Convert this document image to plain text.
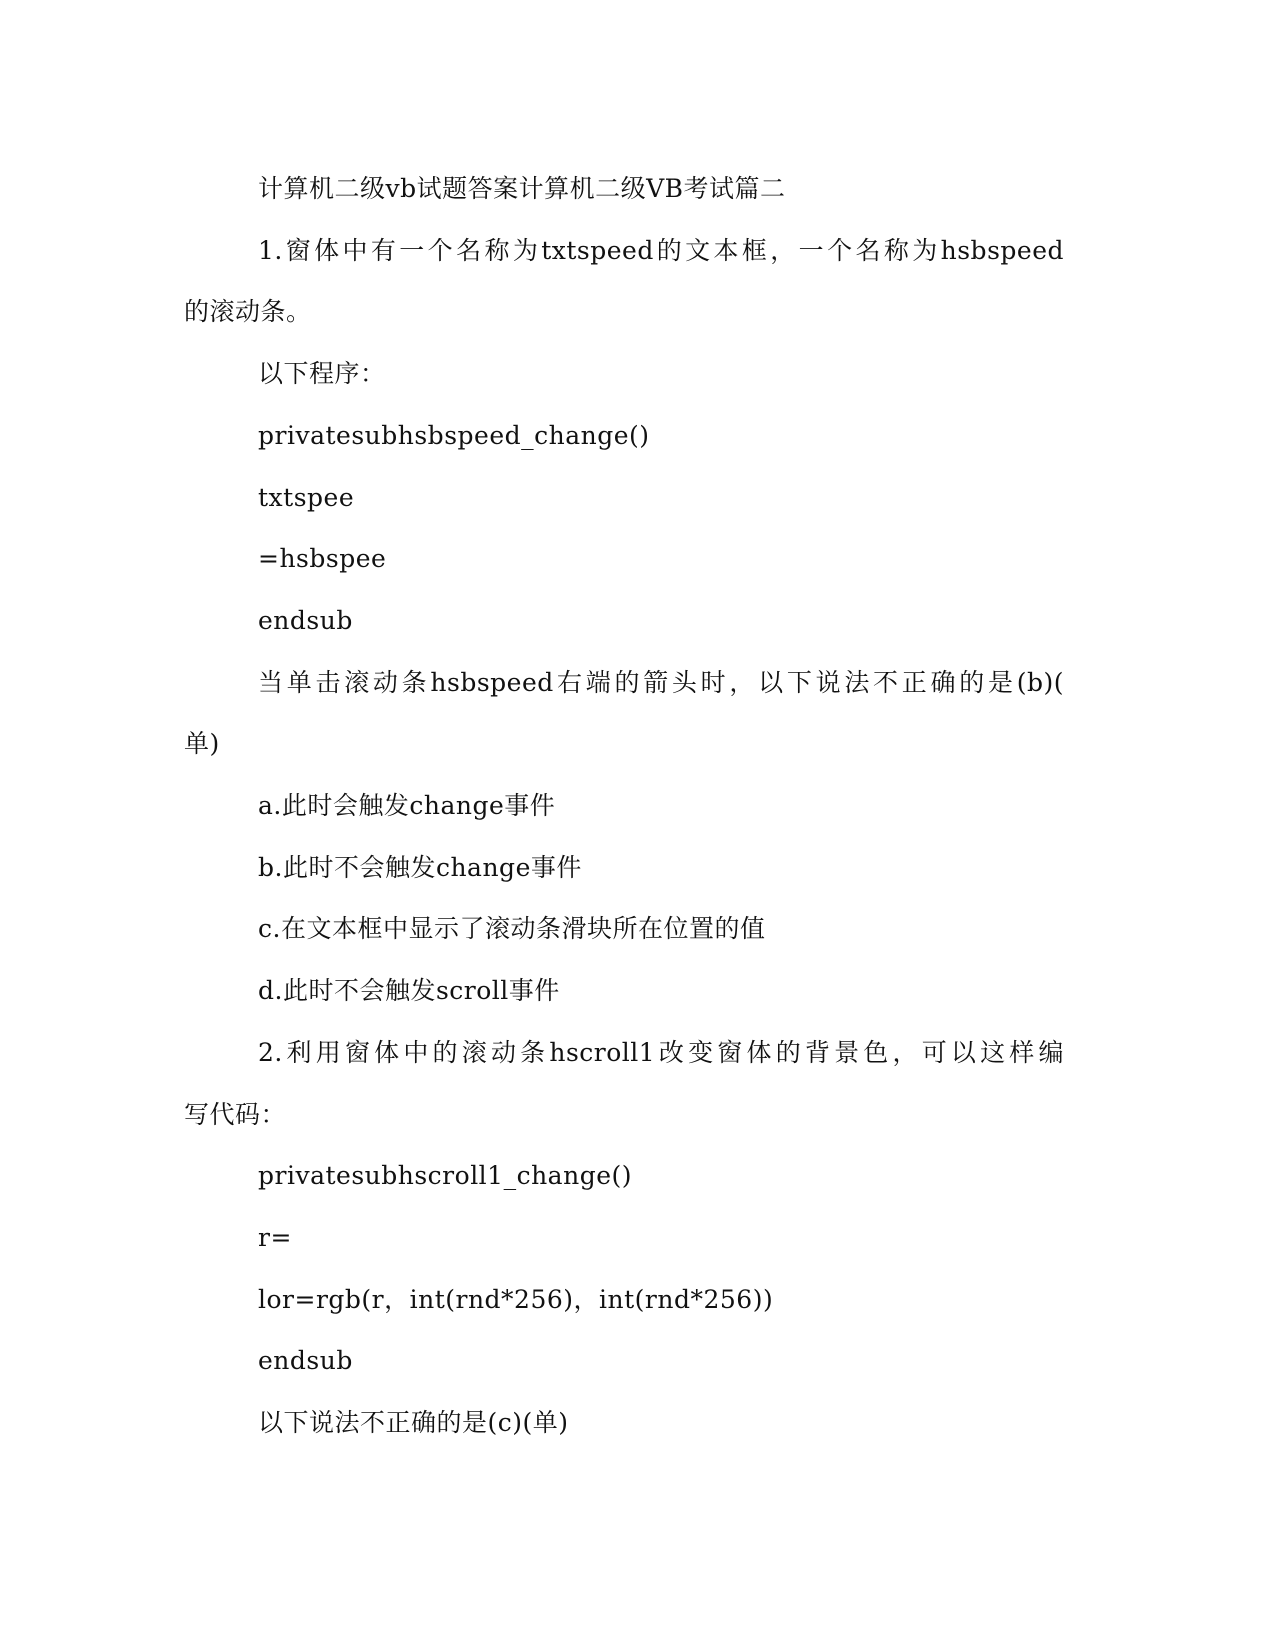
计算机二级vb试题答案计算机二级VB考试篇二

1.窗体中有一个名称为txtspeed的文本框，一个名称为hsbspeed

的滚动条。

以下程序：

privatesubhsbspeed_change()

txtspee

=hsbspee

endsub

当单击滚动条hsbspeed右端的箭头时，以下说法不正确的是(b)(

单)

a.此时会触发change事件

b.此时不会触发change事件

c.在文本框中显示了滚动条滑块所在位置的值

d.此时不会触发scroll事件

2.利用窗体中的滚动条hscroll1改变窗体的背景色，可以这样编

写代码：

privatesubhscroll1_change()

r=

lor=rgb(r，int(rnd*256)，int(rnd*256))

endsub

以下说法不正确的是(c)(单)
